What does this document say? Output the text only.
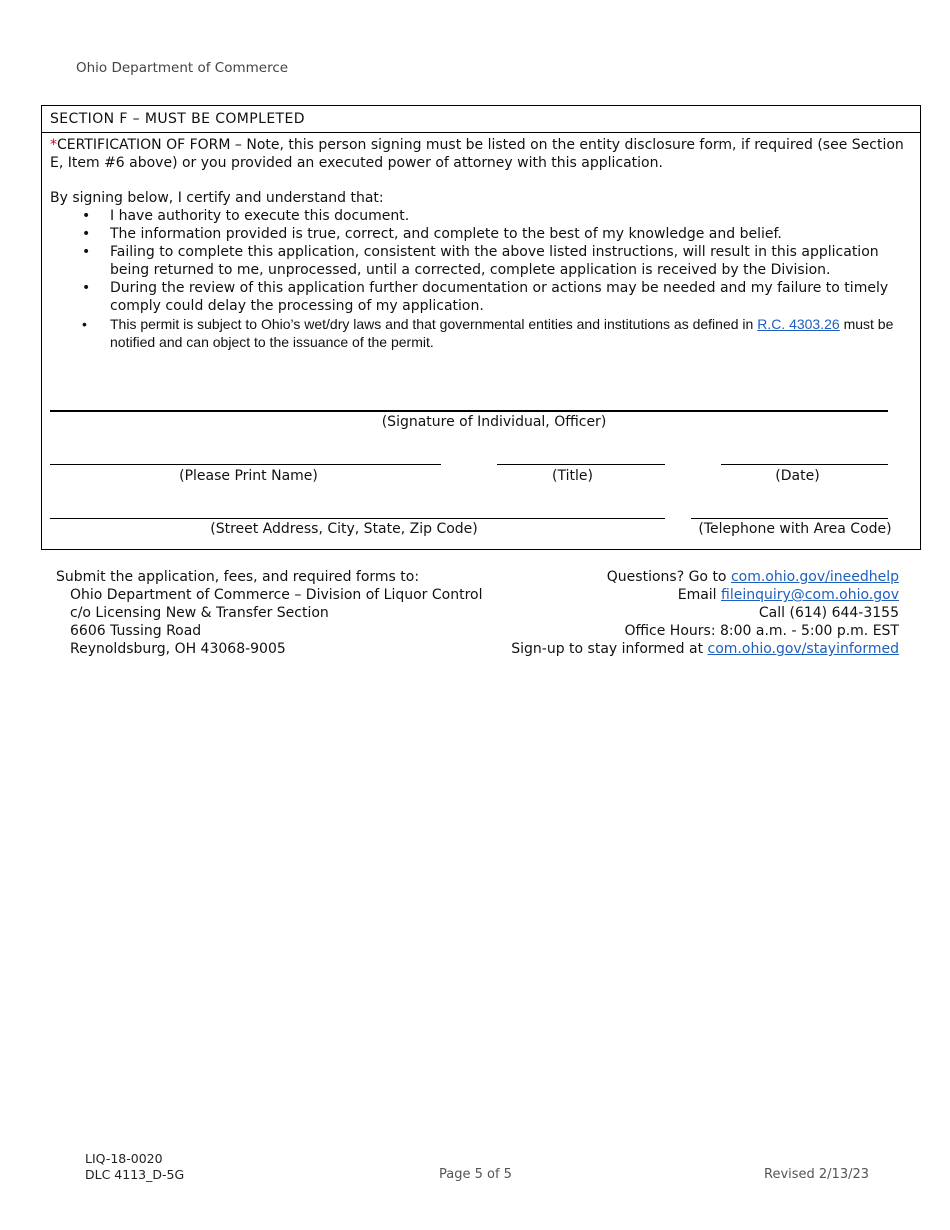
Ohio Department of Commerce
SECTION F – MUST BE COMPLETED

*CERTIFICATION OF FORM – Note, this person signing must be listed on the entity disclosure form, if required (see Section
E, Item #6 above) or you provided an executed power of attorney with this application.

By signing below, I certify and understand that:

• I have authority to execute this document.
• The information provided is true, correct, and complete to the best of my knowledge and belief.
• Failing to complete this application, consistent with the above listed instructions, will result in this application being returned to me, unprocessed, until a corrected, complete application is received by the Division.
• During the review of this application further documentation or actions may be needed and my failure to timely comply could delay the processing of my application.
• This permit is subject to Ohio’s wet/dry laws and that governmental entities and institutions as defined in R.C. 4303.26 must be notified and can object to the issuance of the permit.
(Signature of Individual, Officer)
(Please Print Name)	(Title)	(Date)
(Street Address, City, State, Zip Code)	(Telephone with Area Code)
Submit the application, fees, and required forms to:
Ohio Department of Commerce – Division of Liquor Control
c/o Licensing New & Transfer Section
6606 Tussing Road
Reynoldsburg, OH 43068-9005
Questions? Go to com.ohio.gov/ineedhelp
Email fileinquiry@com.ohio.gov
Call (614) 644-3155
Office Hours: 8:00 a.m. - 5:00 p.m. EST
Sign-up to stay informed at com.ohio.gov/stayinformed
LIQ-18-0020
DLC 4113_D-5G	Page 5 of 5	Revised 2/13/23
